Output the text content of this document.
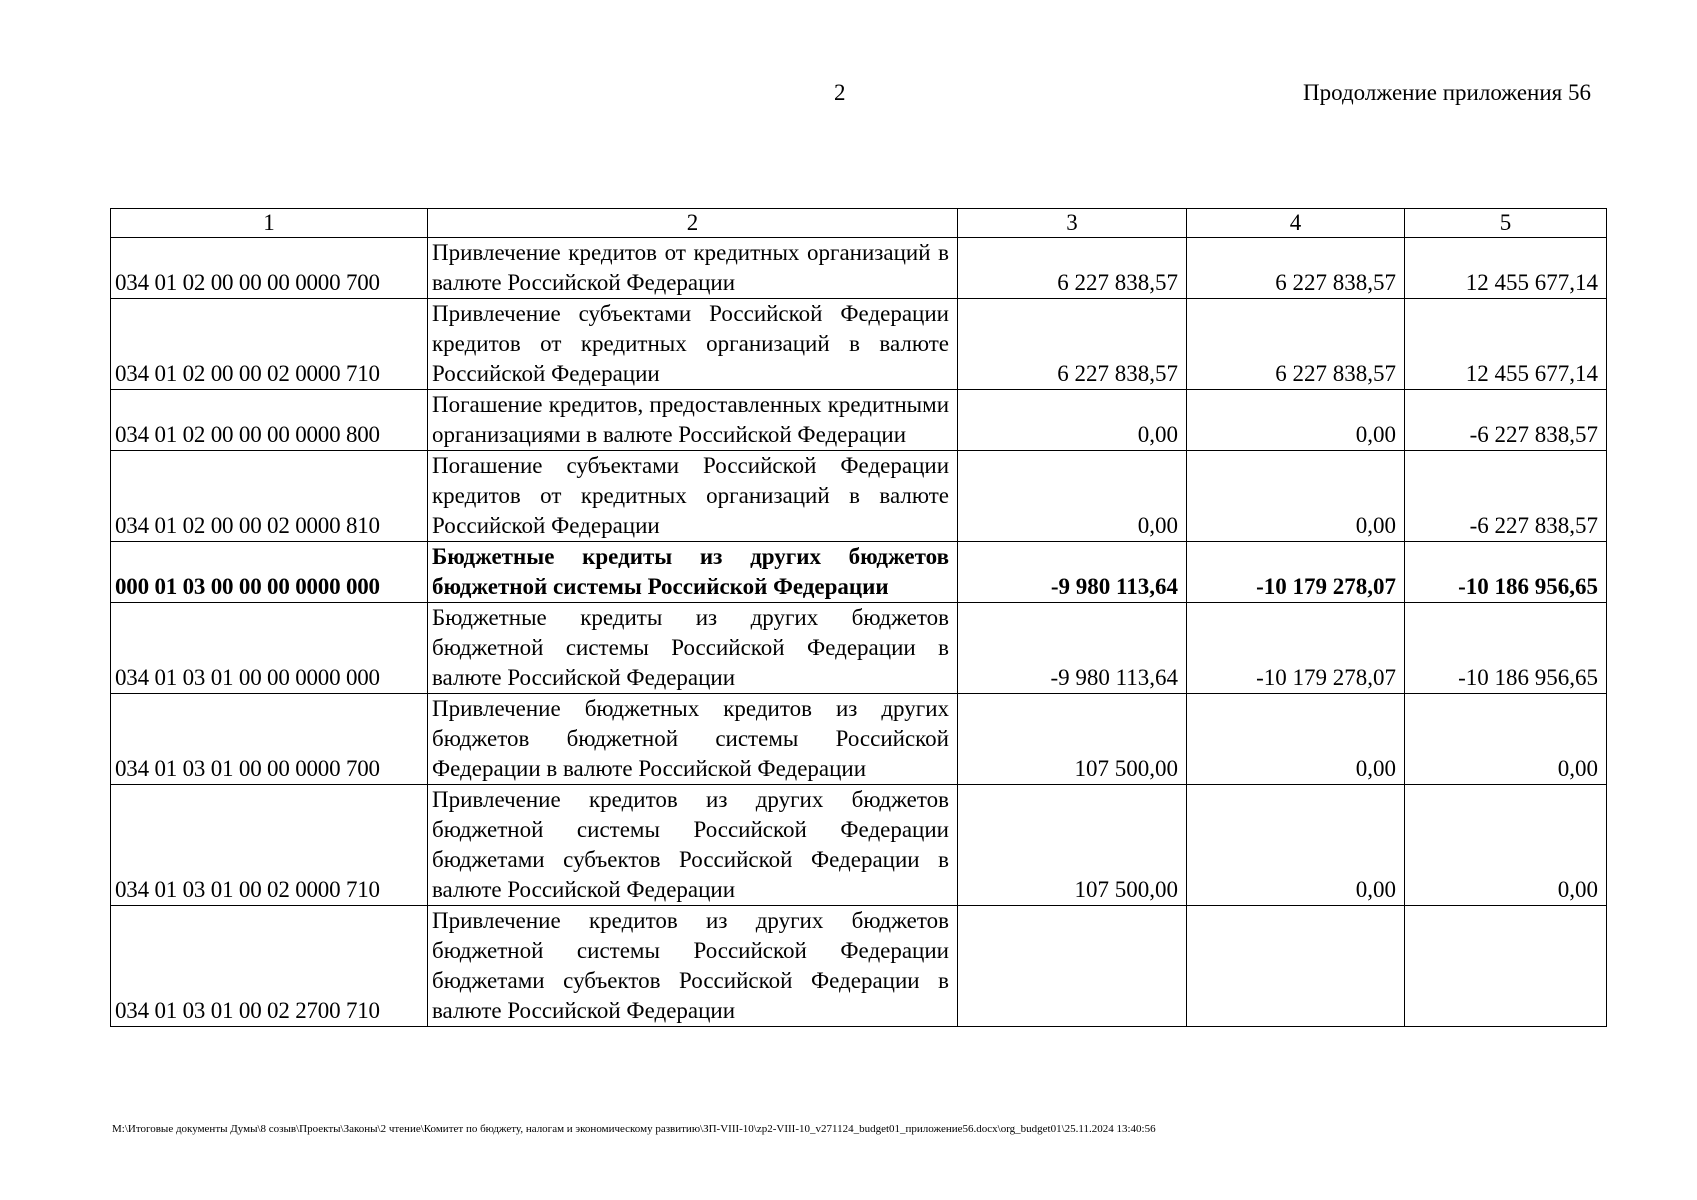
2	Продолжение приложения 56
1	2	3	4	5
034 01 02 00 00 00 0000 700	Привлечение кредитов от кредитных организаций в валюте Российской Федерации	6 227 838,57	6 227 838,57	12 455 677,14
034 01 02 00 00 02 0000 710	Привлечение субъектами Российской Федерации кредитов от кредитных организаций в валюте Российской Федерации	6 227 838,57	6 227 838,57	12 455 677,14
034 01 02 00 00 00 0000 800	Погашение кредитов, предоставленных кредитными организациями в валюте Российской Федерации	0,00	0,00	-6 227 838,57
034 01 02 00 00 02 0000 810	Погашение субъектами Российской Федерации кредитов от кредитных организаций в валюте Российской Федерации	0,00	0,00	-6 227 838,57
000 01 03 00 00 00 0000 000	Бюджетные кредиты из других бюджетов бюджетной системы Российской Федерации	-9 980 113,64	-10 179 278,07	-10 186 956,65
034 01 03 01 00 00 0000 000	Бюджетные кредиты из других бюджетов бюджетной системы Российской Федерации в валюте Российской Федерации	-9 980 113,64	-10 179 278,07	-10 186 956,65
034 01 03 01 00 00 0000 700	Привлечение бюджетных кредитов из других бюджетов бюджетной системы Российской Федерации в валюте Российской Федерации	107 500,00	0,00	0,00
034 01 03 01 00 02 0000 710	Привлечение кредитов из других бюджетов бюджетной системы Российской Федерации бюджетами субъектов Российской Федерации в валюте Российской Федерации	107 500,00	0,00	0,00
034 01 03 01 00 02 2700 710	Привлечение кредитов из других бюджетов бюджетной системы Российской Федерации бюджетами субъектов Российской Федерации в валюте Российской Федерации			
M:\Итоговые документы Думы\8 созыв\Проекты\Законы\2 чтение\Комитет по бюджету, налогам и экономическому развитию\ЗП-VIII-10\zp2-VIII-10_v271124_budget01_приложение56.docx\org_budget01\25.11.2024 13:40:56
